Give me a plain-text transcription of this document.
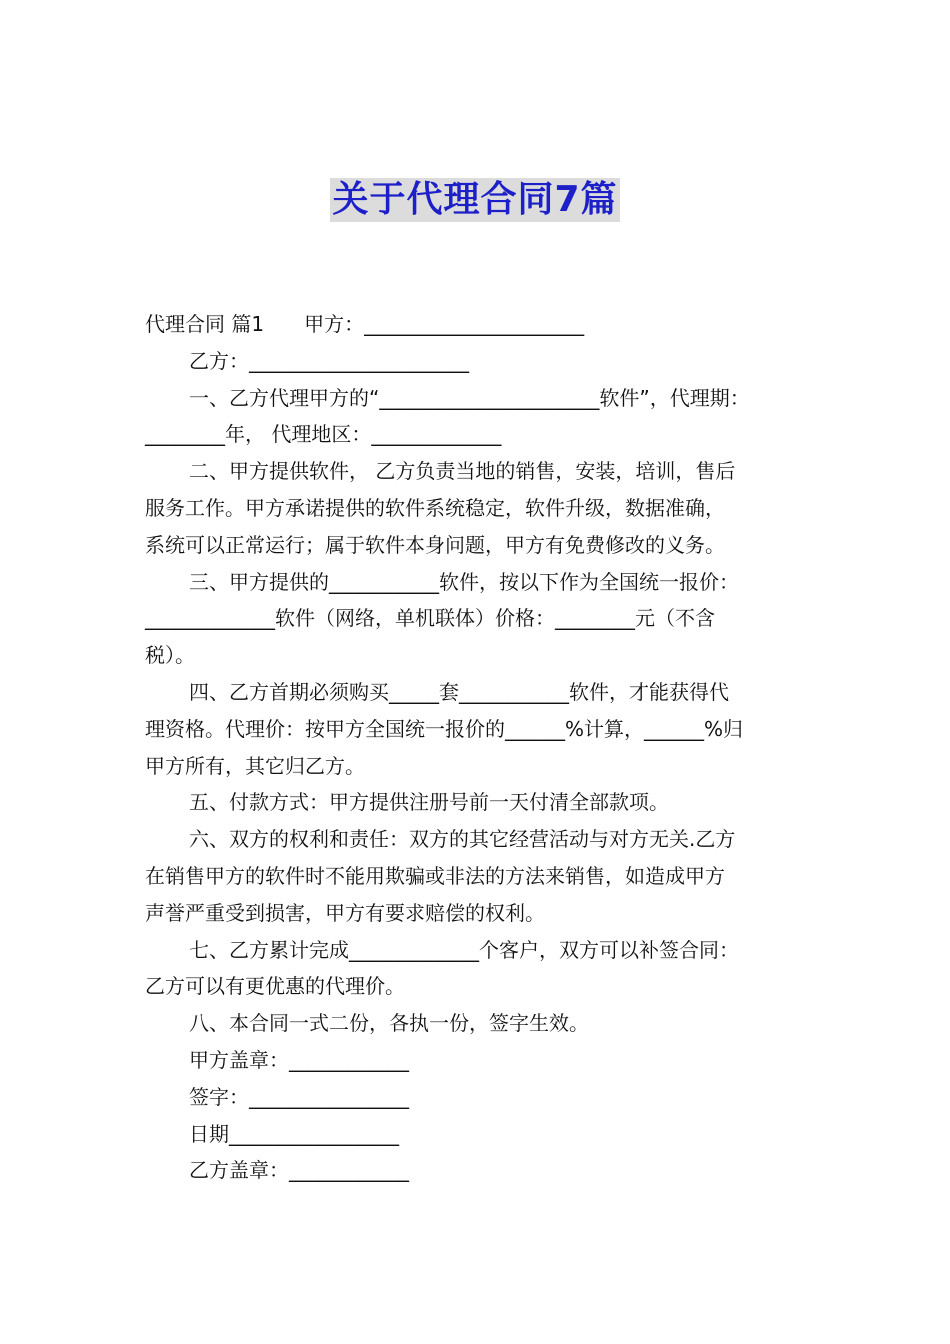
关于代理合同7篇
代理合同 篇1 甲方：______________________
乙方：______________________
一、乙方代理甲方的“______________________软件”，代理期：
________年， 代理地区：_____________
二、甲方提供软件， 乙方负责当地的销售，安装，培训，售后
服务工作。甲方承诺提供的软件系统稳定，软件升级，数据准确，
系统可以正常运行；属于软件本身问题，甲方有免费修改的义务。
三、甲方提供的___________软件，按以下作为全国统一报价：
_____________软件（网络，单机联体）价格：________元（不含
税）。
四、乙方首期必须购买_____套___________软件，才能获得代
理资格。代理价：按甲方全国统一报价的______%计算，______%归
甲方所有，其它归乙方。
五、付款方式：甲方提供注册号前一天付清全部款项。
六、双方的权利和责任：双方的其它经营活动与对方无关.乙方
在销售甲方的软件时不能用欺骗或非法的方法来销售，如造成甲方
声誉严重受到损害，甲方有要求赔偿的权利。
七、乙方累计完成_____________个客户，双方可以补签合同：
乙方可以有更优惠的代理价。
八、本合同一式二份，各执一份，签字生效。
甲方盖章：____________
签字：________________
日期_________________
乙方盖章：____________
